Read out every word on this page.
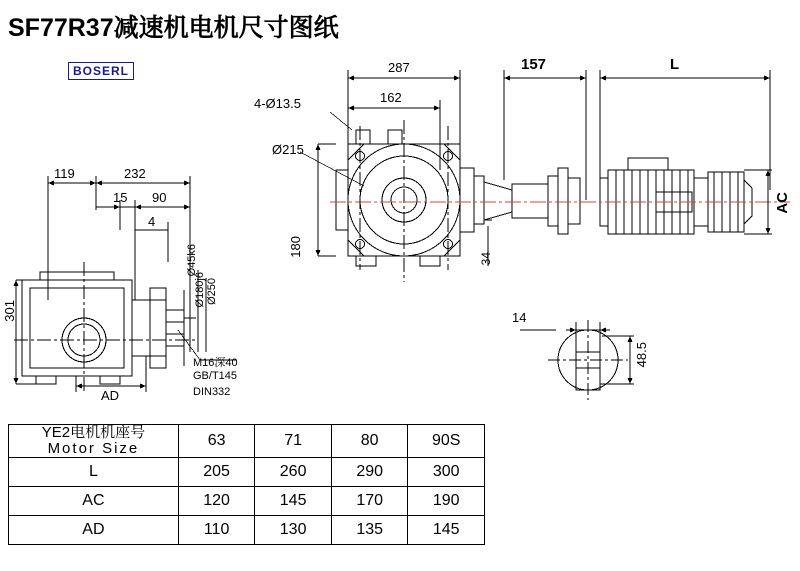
SF77R37减速机电机尺寸图纸
BOSERL
119	232
15 90
4
301
AD
Ø45k6
Ø180j6 Ø250
M16深40
GB/T145
DIN332
287
162
157	L
4-Ø13.5
Ø215
180
34
AC
14
48.5
YE2电机机座号
Motor Size	63	71	80	90S
L	205	260	290	300
AC	120	145	170	190
AD	110	130	135	145
